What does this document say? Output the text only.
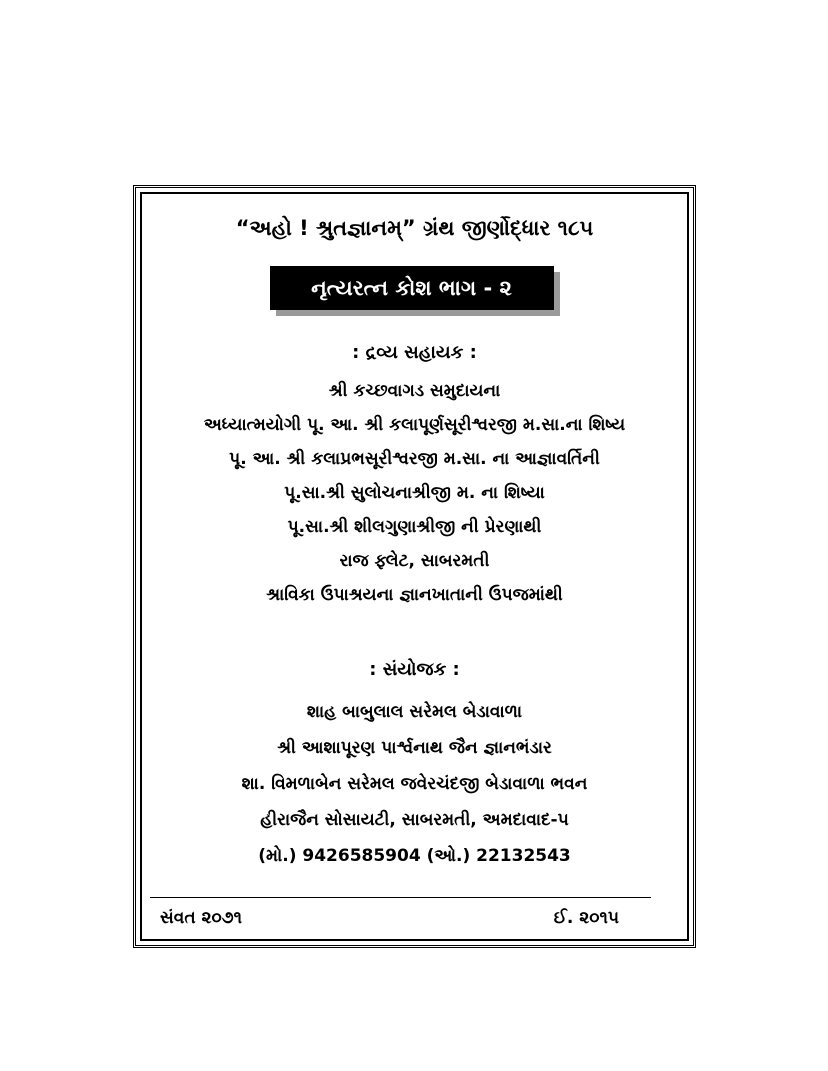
“અહો ! શ્રુતજ્ઞાનમ્” ગ્રંથ જીર્ણોદ્ધાર ૧૮૫
નૃત્યરત્ન કોશ ભાગ - ૨
: દ્રવ્ય સહાયક :
શ્રી કચ્છવાગડ સમુદાયના
અધ્યાત્મયોગી પૂ. આ. શ્રી કલાપૂર્ણસૂરીશ્વરજી મ.સા.ના શિષ્ય
પૂ. આ. શ્રી કલાપ્રભસૂરીશ્વરજી મ.સા. ના આજ્ઞાવર્તિની
પૂ.સા.શ્રી સુલોચનાશ્રીજી મ. ના શિષ્યા
પૂ.સા.શ્રી શીલગુણાશ્રીજી ની પ્રેરણાથી
રાજ ફ્લેટ, સાબરમતી
શ્રાવિકા ઉપાશ્રયના જ્ઞાનખાતાની ઉપજમાંથી
: સંયોજક :
શાહ બાબુલાલ સરેમલ બેડાવાળા
શ્રી આશાપૂરણ પાર્શ્વનાથ જૈન જ્ઞાનભંડાર
શા. વિમળાબેન સરેમલ જવેરચંદજી બેડાવાળા ભવન
હીરાજૈન સોસાયટી, સાબરમતી, અમદાવાદ-૫
(મો.) 9426585904 (ઓ.) 22132543
સંવત ૨૦૭૧	ઈ. ૨૦૧૫
